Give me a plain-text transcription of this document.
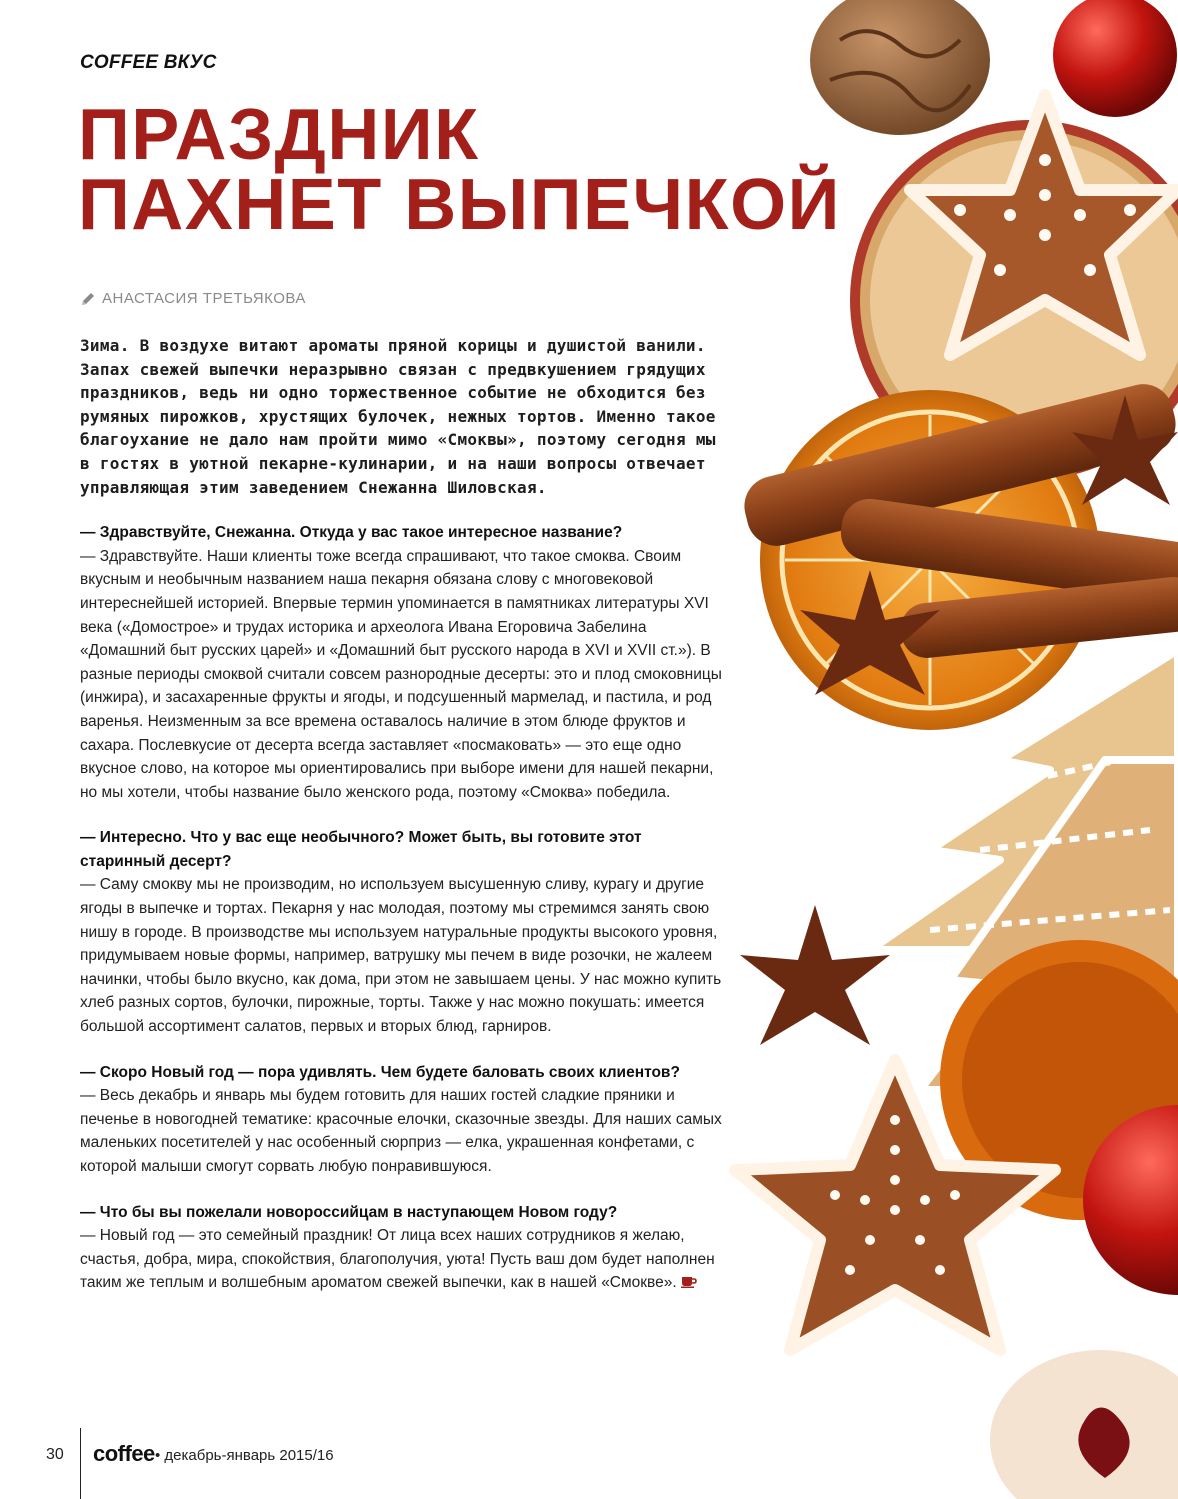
COFFEE ВКУС
ПРАЗДНИК
ПАХНЕТ ВЫПЕЧКОЙ
АНАСТАСИЯ ТРЕТЬЯКОВА

Зима. В воздухе витают ароматы пряной корицы и душистой ванили. Запах свежей выпечки неразрывно связан с предвкушением грядущих праздников, ведь ни одно торжественное событие не обходится без румяных пирожков, хрустящих булочек, нежных тортов. Именно такое благоухание не дало нам пройти мимо «Смоквы», поэтому сегодня мы в гостях в уютной пекарне-кулинарии, и на наши вопросы отвечает управляющая этим заведением Снежанна Шиловская.

— Здравствуйте, Снежанна. Откуда у вас такое интересное название?

— Здравствуйте. Наши клиенты тоже всегда спрашивают, что такое смоква. Своим вкусным и необычным названием наша пекарня обязана слову с многовековой интереснейшей историей. Впервые термин упоминается в памятниках литературы XVI века («Домострое» и трудах историка и археолога Ивана Егоровича Забелина «Домашний быт русских царей» и «Домашний быт русского народа в XVI и XVII ст.»). В разные периоды смоквой считали совсем разнородные десерты: это и плод смоковницы (инжира), и засахаренные фрукты и ягоды, и подсушенный мармелад, и пастила, и род варенья. Неизменным за все времена оставалось наличие в этом блюде фруктов и сахара. Послевкусие от десерта всегда заставляет «посмаковать» — это еще одно вкусное слово, на которое мы ориентировались при выборе имени для нашей пекарни, но мы хотели, чтобы название было женского рода, поэтому «Смоква» победила.

— Интересно. Что у вас еще необычного? Может быть, вы готовите этот старинный десерт?

— Саму смокву мы не производим, но используем высушенную сливу, курагу и другие ягоды в выпечке и тортах. Пекарня у нас молодая, поэтому мы стремимся занять свою нишу в городе. В производстве мы используем натуральные продукты высокого уровня, придумываем новые формы, например, ватрушку мы печем в виде розочки, не жалеем начинки, чтобы было вкусно, как дома, при этом не завышаем цены. У нас можно купить хлеб разных сортов, булочки, пирожные, торты. Также у нас можно покушать: имеется большой ассортимент салатов, первых и вторых блюд, гарниров.

— Скоро Новый год — пора удивлять. Чем будете баловать своих клиентов?

— Весь декабрь и январь мы будем готовить для наших гостей сладкие пряники и печенье в новогодней тематике: красочные елочки, сказочные звезды. Для наших самых маленьких посетителей у нас особенный сюрприз — елка, украшенная конфетами, с которой малыши смогут сорвать любую понравившуюся.

— Что бы вы пожелали новороссийцам в наступающем Новом году?

— Новый год — это семейный праздник! От лица всех наших сотрудников я желаю, счастья, добра, мира, спокойствия, благополучия, уюта! Пусть ваш дом будет наполнен таким же теплым и волшебным ароматом свежей выпечки, как в нашей «Смокве».

30 coffee • декабрь-январь 2015/16
